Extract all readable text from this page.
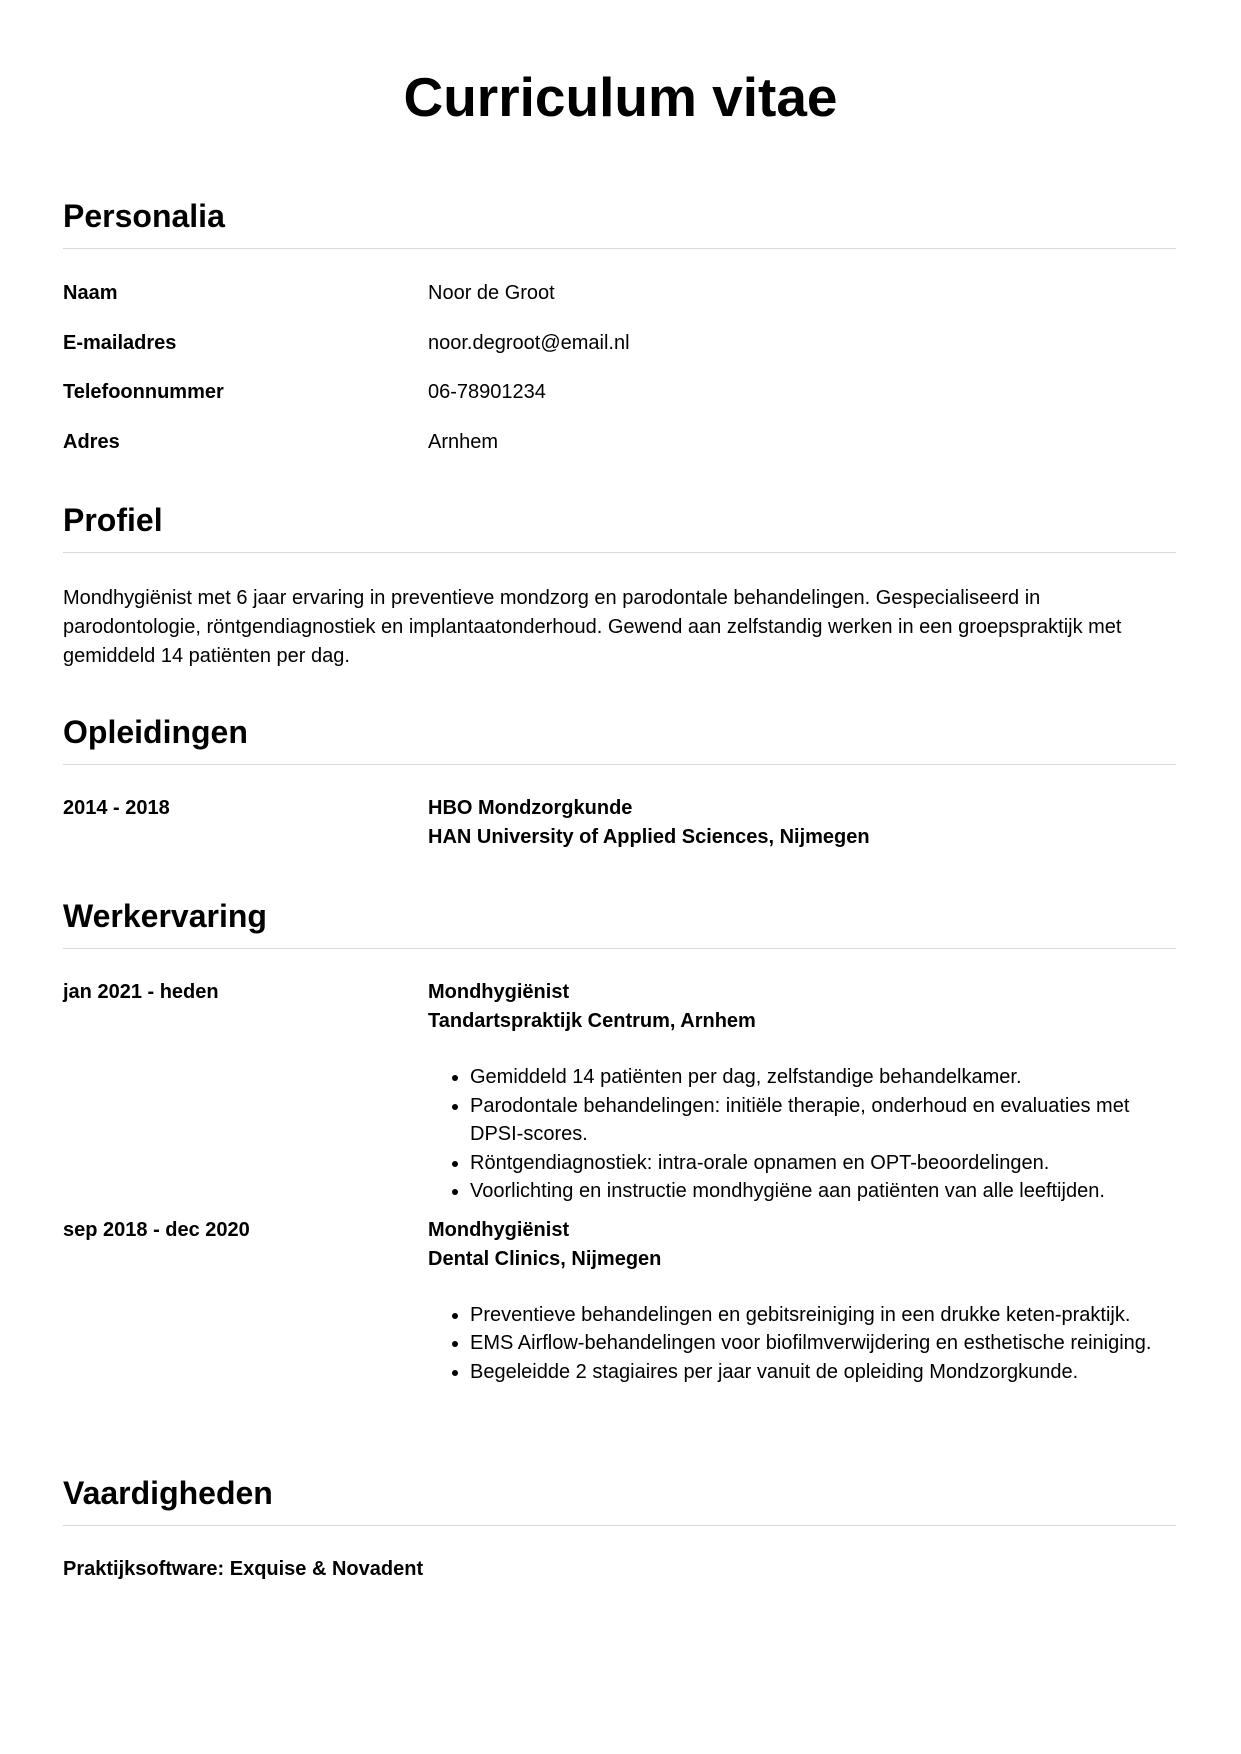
Curriculum vitae
Personalia
Naam	Noor de Groot
E-mailadres	noor.degroot@email.nl
Telefoonnummer	06-78901234
Adres	Arnhem
Profiel

Mondhygiënist met 6 jaar ervaring in preventieve mondzorg en parodontale behandelingen. Gespecialiseerd in parodontologie, röntgendiagnostiek en implantaatonderhoud. Gewend aan zelfstandig werken in een groepspraktijk met gemiddeld 14 patiënten per dag.

Opleidingen
2014 - 2018	HBO Mondzorgkunde
HAN University of Applied Sciences, Nijmegen
Werkervaring
jan 2021 - heden	Mondhygiënist
Tandartspraktijk Centrum, Arnhem
• Gemiddeld 14 patiënten per dag, zelfstandige behandelkamer.
• Parodontale behandelingen: initiële therapie, onderhoud en evaluaties met DPSI-scores.
• Röntgendiagnostiek: intra-orale opnamen en OPT-beoordelingen.
• Voorlichting en instructie mondhygiëne aan patiënten van alle leeftijden.
sep 2018 - dec 2020	Mondhygiënist
Dental Clinics, Nijmegen
• Preventieve behandelingen en gebitsreiniging in een drukke keten-praktijk.
• EMS Airflow-behandelingen voor biofilmverwijdering en esthetische reiniging.
• Begeleidde 2 stagiaires per jaar vanuit de opleiding Mondzorgkunde.
Vaardigheden
Praktijksoftware: Exquise & Novadent
